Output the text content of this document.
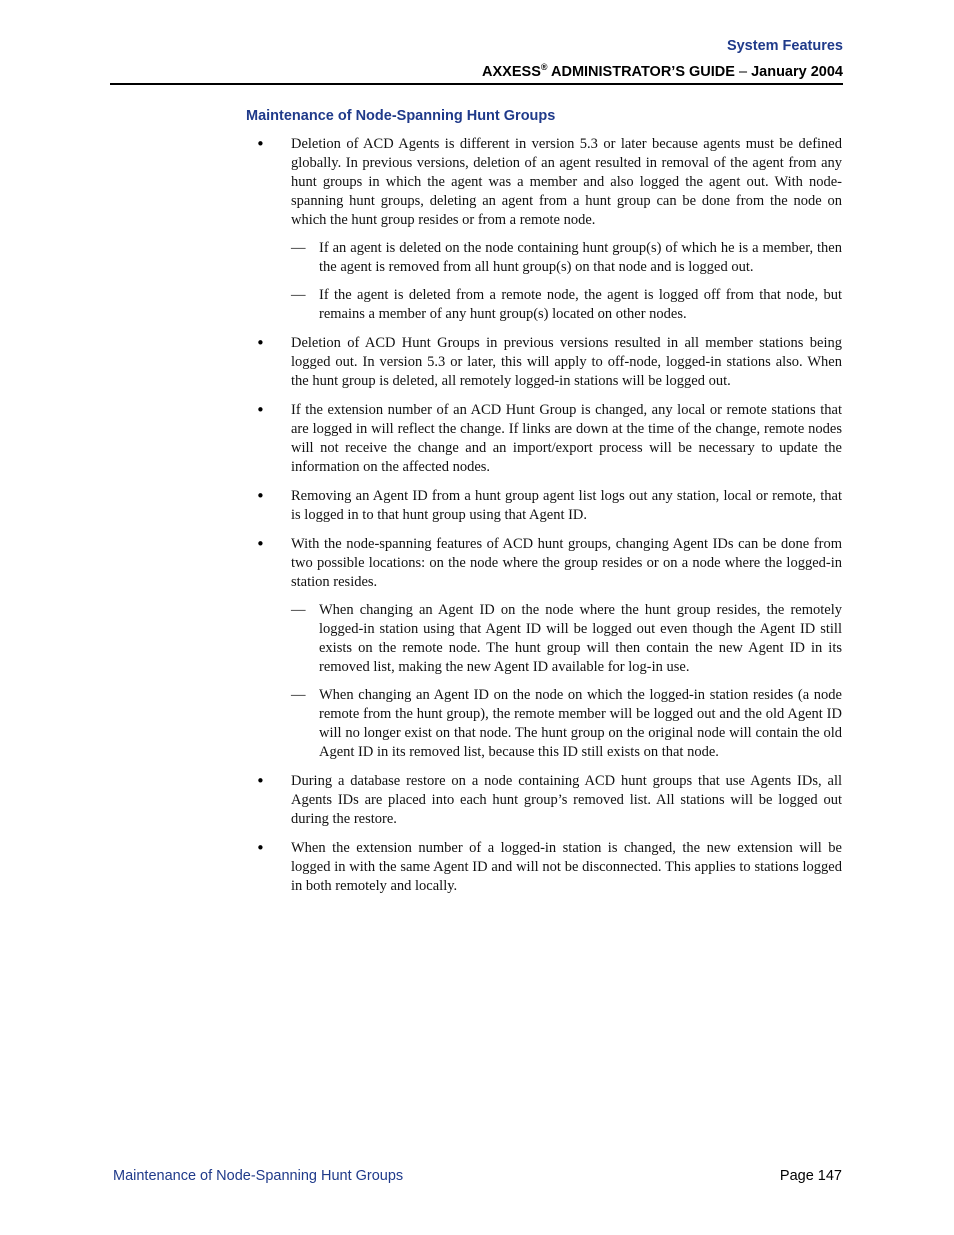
System Features
AXXESS® ADMINISTRATOR’S GUIDE – January 2004
Maintenance of Node-Spanning Hunt Groups
• Deletion of ACD Agents is different in version 5.3 or later because agents must be defined globally. In previous versions, deletion of an agent resulted in removal of the agent from any hunt groups in which the agent was a member and also logged the agent out. With node-spanning hunt groups, deleting an agent from a hunt group can be done from the node on which the hunt group resides or from a remote node.

— If an agent is deleted on the node containing hunt group(s) of which he is a member, then the agent is removed from all hunt group(s) on that node and is logged out.

— If the agent is deleted from a remote node, the agent is logged off from that node, but remains a member of any hunt group(s) located on other nodes.

• Deletion of ACD Hunt Groups in previous versions resulted in all member stations being logged out. In version 5.3 or later, this will apply to off-node, logged-in stations also. When the hunt group is deleted, all remotely logged-in stations will be logged out.

• If the extension number of an ACD Hunt Group is changed, any local or remote stations that are logged in will reflect the change. If links are down at the time of the change, remote nodes will not receive the change and an import/export process will be necessary to update the information on the affected nodes.

• Removing an Agent ID from a hunt group agent list logs out any station, local or remote, that is logged in to that hunt group using that Agent ID.

• With the node-spanning features of ACD hunt groups, changing Agent IDs can be done from two possible locations: on the node where the group resides or on a node where the logged-in station resides.

— When changing an Agent ID on the node where the hunt group resides, the remotely logged-in station using that Agent ID will be logged out even though the Agent ID still exists on the remote node. The hunt group will then contain the new Agent ID in its removed list, making the new Agent ID available for log-in use.

— When changing an Agent ID on the node on which the logged-in station resides (a node remote from the hunt group), the remote member will be logged out and the old Agent ID will no longer exist on that node. The hunt group on the original node will contain the old Agent ID in its removed list, because this ID still exists on that node.

• During a database restore on a node containing ACD hunt groups that use Agents IDs, all Agents IDs are placed into each hunt group’s removed list. All stations will be logged out during the restore.

• When the extension number of a logged-in station is changed, the new extension will be logged in with the same Agent ID and will not be disconnected. This applies to stations logged in both remotely and locally.

Maintenance of Node-Spanning Hunt Groups	Page 147
